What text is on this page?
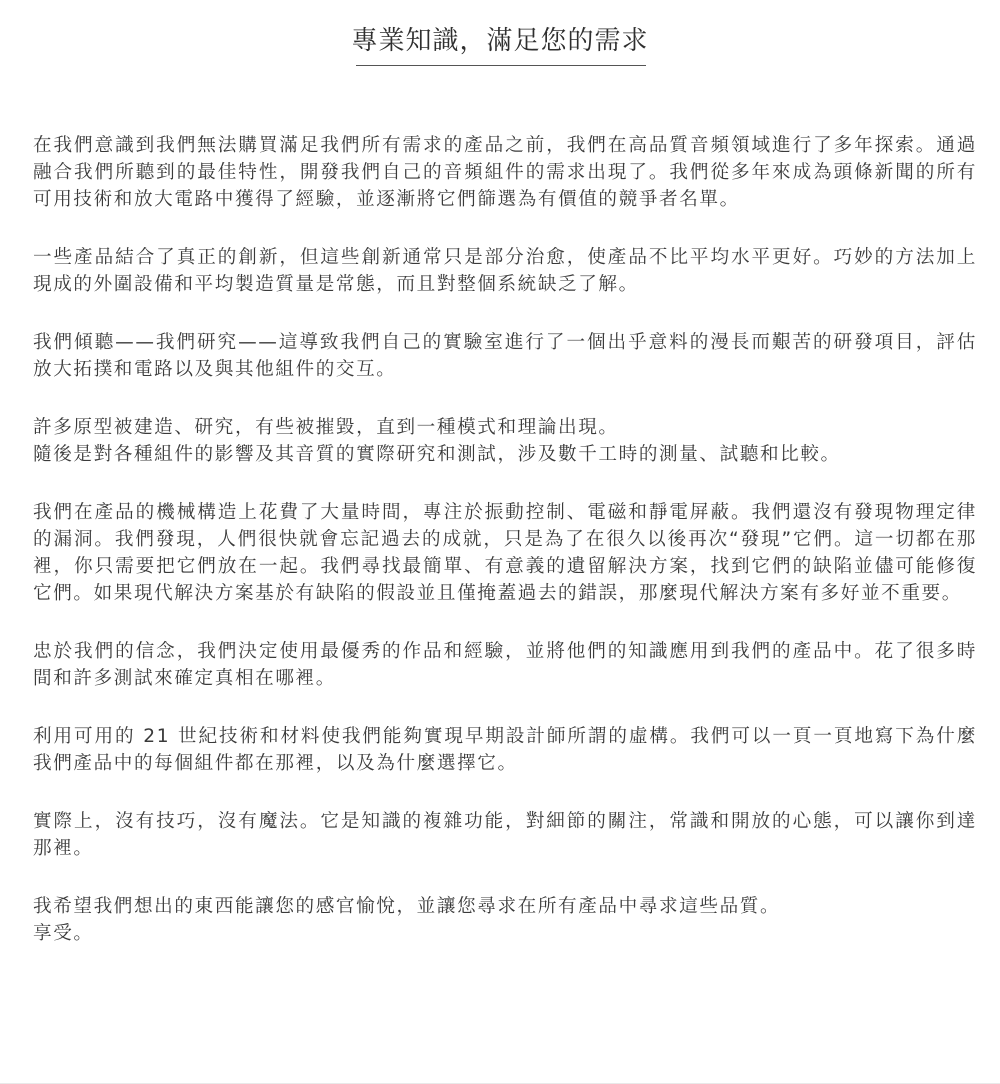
專業知識，滿足您的需求

在我們意識到我們無法購買滿足我們所有需求的產品之前，我們在高品質音頻領域進行了多年探索。通過融合我們所聽到的最佳特性，開發我們自己的音頻組件的需求出現了。我們從多年來成為頭條新聞的所有可用技術和放大電路中獲得了經驗，並逐漸將它們篩選為有價值的競爭者名單。

一些產品結合了真正的創新，但這些創新通常只是部分治愈，使產品不比平均水平更好。巧妙的方法加上現成的外圍設備和平均製造質量是常態，而且對整個系統缺乏了解。

我們傾聽——我們研究——這導致我們自己的實驗室進行了一個出乎意料的漫長而艱苦的研發項目，評估放大拓撲和電路以及與其他組件的交互。

許多原型被建造、研究，有些被摧毀，直到一種模式和理論出現。
隨後是對各種組件的影響及其音質的實際研究和測試，涉及數千工時的測量、試聽和比較。

我們在產品的機械構造上花費了大量時間，專注於振動控制、電磁和靜電屏蔽。我們還沒有發現物理定律的漏洞。我們發現，人們很快就會忘記過去的成就，只是為了在很久以後再次“發現”它們。這一切都在那裡，你只需要把它們放在一起。我們尋找最簡單、有意義的遺留解決方案，找到它們的缺陷並儘可能修復它們。如果現代解決方案基於有缺陷的假設並且僅掩蓋過去的錯誤，那麼現代解決方案有多好並不重要。

忠於我們的信念，我們決定使用最優秀的作品和經驗，並將他們的知識應用到我們的產品中。花了很多時間和許多測試來確定真相在哪裡。

利用可用的 21 世紀技術和材料使我們能夠實現早期設計師所謂的虛構。我們可以一頁一頁地寫下為什麼我們產品中的每個組件都在那裡，以及為什麼選擇它。

實際上，沒有技巧，沒有魔法。它是知識的複雜功能，對細節的關注，常識和開放的心態，可以讓你到達那裡。

我希望我們想出的東西能讓您的感官愉悅，並讓您尋求在所有產品中尋求這些品質。
享受。
